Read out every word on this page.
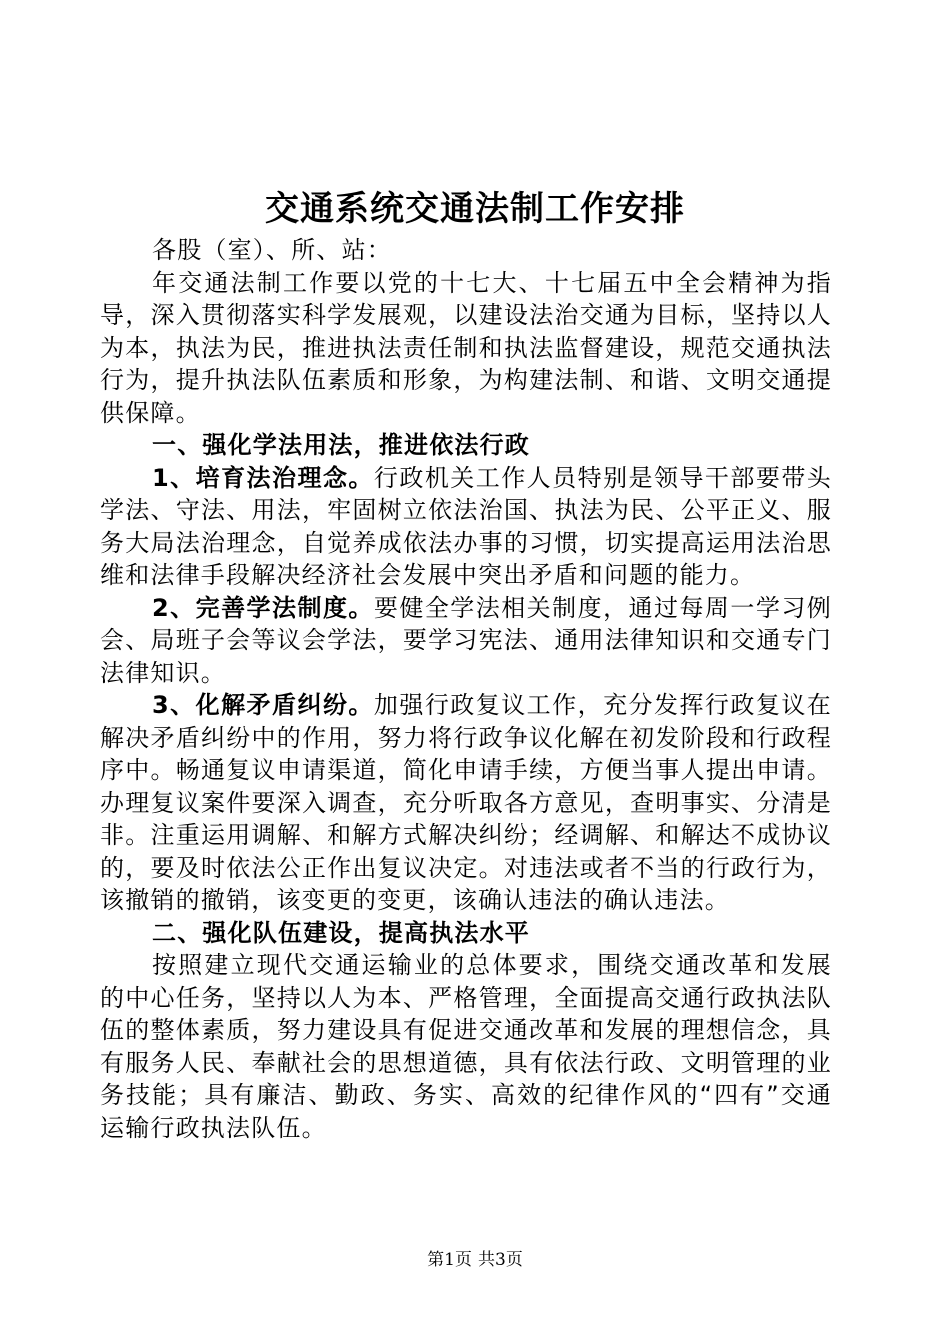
交通系统交通法制工作安排

各股（室）、所、站：

年交通法制工作要以党的十七大、十七届五中全会精神为指导，深入贯彻落实科学发展观，以建设法治交通为目标，坚持以人为本，执法为民，推进执法责任制和执法监督建设，规范交通执法行为，提升执法队伍素质和形象，为构建法制、和谐、文明交通提供保障。

一、强化学法用法，推进依法行政

1、培育法治理念。行政机关工作人员特别是领导干部要带头学法、守法、用法，牢固树立依法治国、执法为民、公平正义、服务大局法治理念，自觉养成依法办事的习惯，切实提高运用法治思维和法律手段解决经济社会发展中突出矛盾和问题的能力。

2、完善学法制度。要健全学法相关制度，通过每周一学习例会、局班子会等议会学法，要学习宪法、通用法律知识和交通专门法律知识。

3、化解矛盾纠纷。加强行政复议工作，充分发挥行政复议在解决矛盾纠纷中的作用，努力将行政争议化解在初发阶段和行政程序中。畅通复议申请渠道，简化申请手续，方便当事人提出申请。办理复议案件要深入调查，充分听取各方意见，查明事实、分清是非。注重运用调解、和解方式解决纠纷；经调解、和解达不成协议的，要及时依法公正作出复议决定。对违法或者不当的行政行为，该撤销的撤销，该变更的变更，该确认违法的确认违法。

二、强化队伍建设，提高执法水平

按照建立现代交通运输业的总体要求，围绕交通改革和发展的中心任务，坚持以人为本、严格管理，全面提高交通行政执法队伍的整体素质，努力建设具有促进交通改革和发展的理想信念，具有服务人民、奉献社会的思想道德，具有依法行政、文明管理的业务技能；具有廉洁、勤政、务实、高效的纪律作风的“四有”交通运输行政执法队伍。

第1页 共3页
